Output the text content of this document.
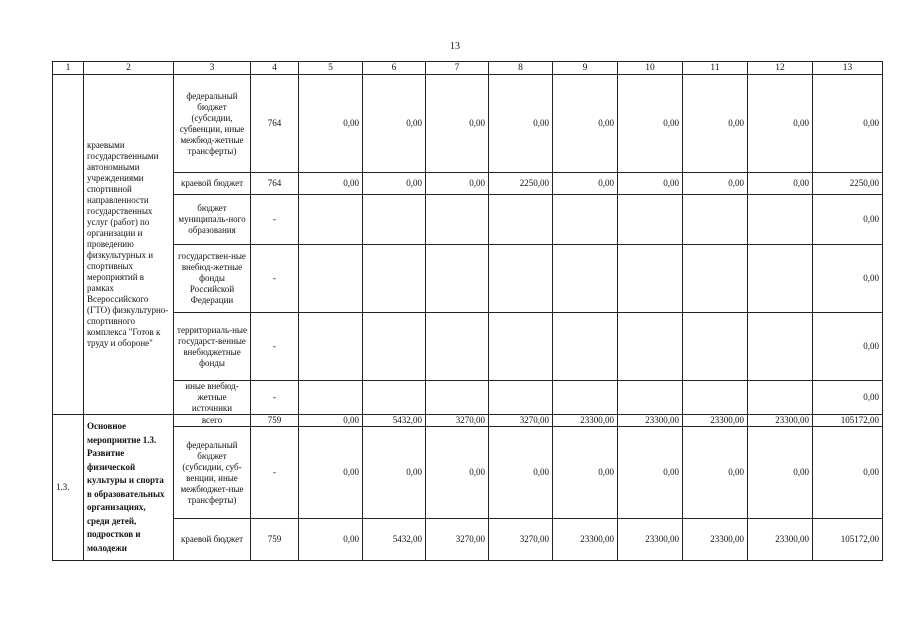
13
1	2	3	4	5	6	7	8	9	10	11	12	13
	краевыми государственными автономными учреждениями спортивной направленности государственных услуг (работ) по организации и проведению физкультурных и спортивных мероприятий в рамках Всероссийского (ГТО) физкультурно-спортивного комплекса "Готов к труду и обороне"	федеральный бюджет (субсидии, субвенции, иные межбюд-жетные трансферты)	764	0,00	0,00	0,00	0,00	0,00	0,00	0,00	0,00	0,00
		краевой бюджет	764	0,00	0,00	0,00	2250,00	0,00	0,00	0,00	0,00	2250,00
		бюджет муниципаль-ного образования	-									0,00
		государствен-ные внебюд-жетные фонды Российской Федерации	-									0,00
		территориаль-ные государст-венные внебюджетные фонды	-									0,00
		иные внебюд-жетные источники	-									0,00
1.3.	Основное мероприятие 1.3. Развитие физической культуры и спорта в образовательных организациях, среди детей, подростков и молодежи	всего	759	0,00	5432,00	3270,00	3270,00	23300,00	23300,00	23300,00	23300,00	105172,00
		федеральный бюджет (субсидии, суб-венции, иные межбюджет-ные трансферты)	-	0,00	0,00	0,00	0,00	0,00	0,00	0,00	0,00	0,00
		краевой бюджет	759	0,00	5432,00	3270,00	3270,00	23300,00	23300,00	23300,00	23300,00	105172,00
